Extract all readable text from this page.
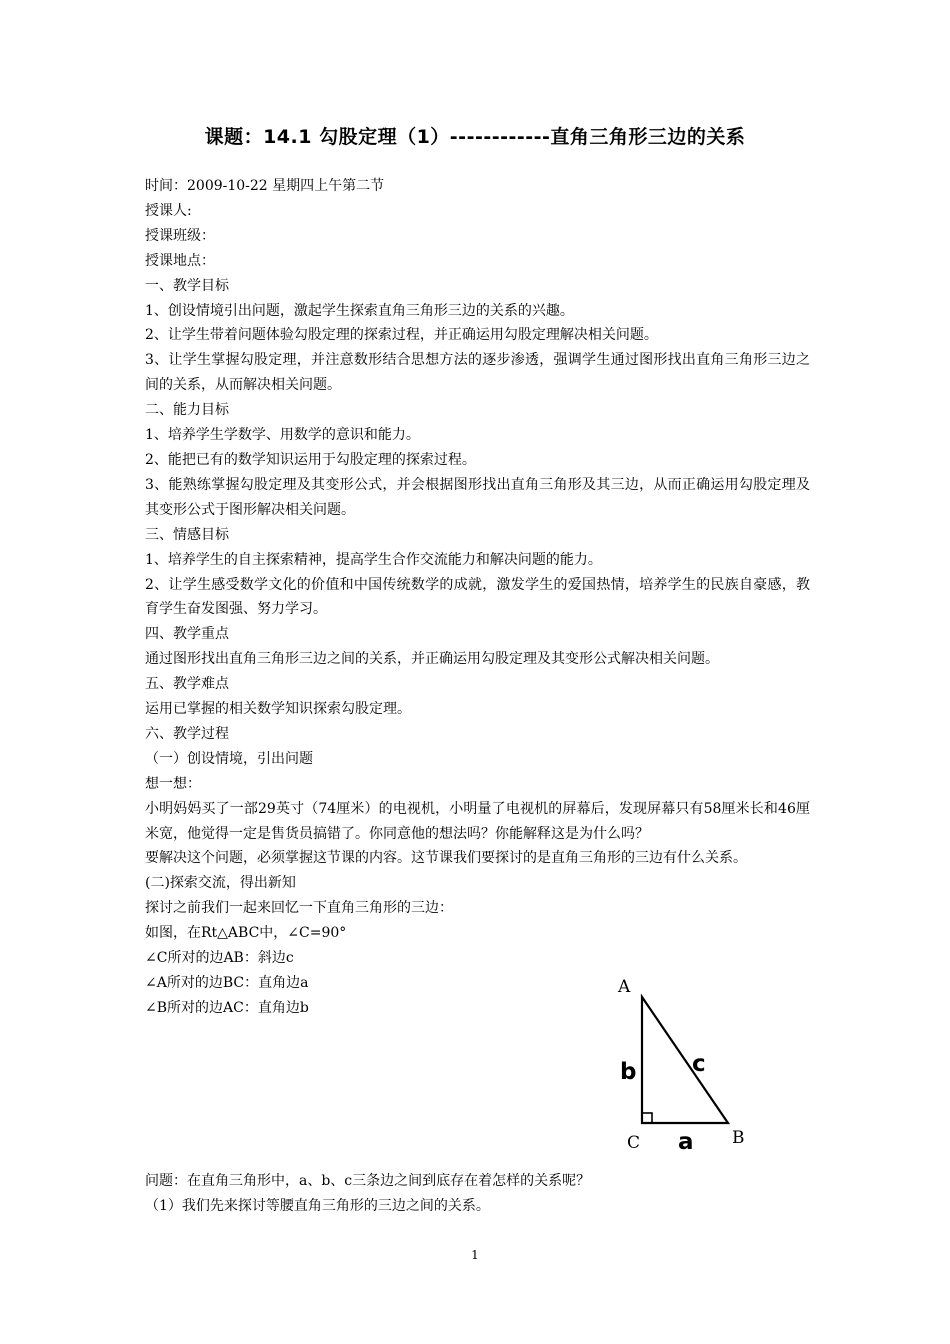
课题：14.1 勾股定理（1）------------直角三角形三边的关系
时间：2009-10-22 星期四上午第二节
授课人:
授课班级：
授课地点：
一、教学目标
1、创设情境引出问题，激起学生探索直角三角形三边的关系的兴趣。
2、让学生带着问题体验勾股定理的探索过程，并正确运用勾股定理解决相关问题。
3、让学生掌握勾股定理，并注意数形结合思想方法的逐步渗透，强调学生通过图形找出直角三角形三边之间的关系，从而解决相关问题。
二、能力目标
1、培养学生学数学、用数学的意识和能力。
2、能把已有的数学知识运用于勾股定理的探索过程。
3、能熟练掌握勾股定理及其变形公式，并会根据图形找出直角三角形及其三边，从而正确运用勾股定理及其变形公式于图形解决相关问题。
三、情感目标
1、培养学生的自主探索精神，提高学生合作交流能力和解决问题的能力。
2、让学生感受数学文化的价值和中国传统数学的成就，激发学生的爱国热情，培养学生的民族自豪感，教育学生奋发图强、努力学习。
四、教学重点
通过图形找出直角三角形三边之间的关系，并正确运用勾股定理及其变形公式解决相关问题。
五、教学难点
运用已掌握的相关数学知识探索勾股定理。
六、教学过程
（一）创设情境，引出问题
想一想：
小明妈妈买了一部29英寸（74厘米）的电视机，小明量了电视机的屏幕后，发现屏幕只有58厘米长和46厘米宽，他觉得一定是售货员搞错了。你同意他的想法吗？你能解释这是为什么吗？
要解决这个问题，必须掌握这节课的内容。这节课我们要探讨的是直角三角形的三边有什么关系。
(二)探索交流，得出新知
探讨之前我们一起来回忆一下直角三角形的三边：
如图，在Rt△ABC中，∠C=90°
∠C所对的边AB：斜边c
∠A所对的边BC：直角边a
∠B所对的边AC：直角边b
A
C	B
b c
a
问题：在直角三角形中，a、b、c三条边之间到底存在着怎样的关系呢？
（1）我们先来探讨等腰直角三角形的三边之间的关系。
1
